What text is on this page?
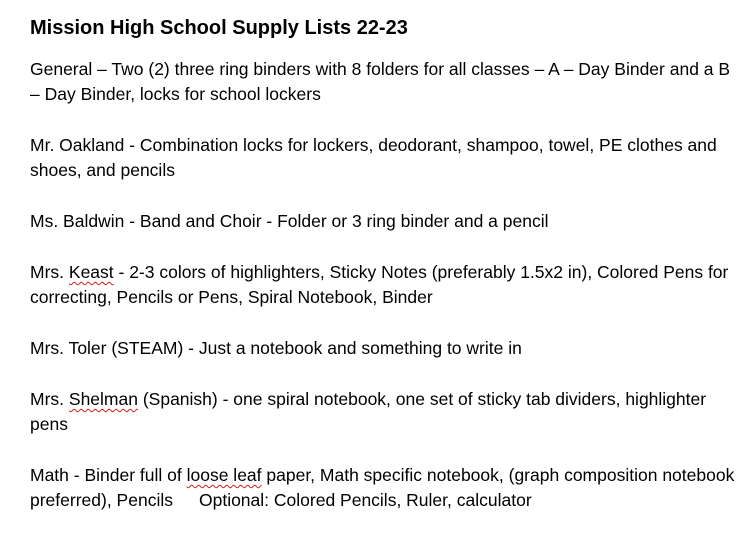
Mission High School Supply Lists 22-23
General – Two (2) three ring binders with 8 folders for all classes – A – Day Binder and a B – Day Binder, locks for school lockers
Mr. Oakland - Combination locks for lockers, deodorant, shampoo, towel, PE clothes and shoes, and pencils
Ms. Baldwin - Band and Choir - Folder or 3 ring binder and a pencil
Mrs. Keast - 2-3 colors of highlighters, Sticky Notes (preferably 1.5x2 in), Colored Pens for correcting, Pencils or Pens, Spiral Notebook, Binder
Mrs. Toler (STEAM) - Just a notebook and something to write in
Mrs. Shelman (Spanish) - one spiral notebook, one set of sticky tab dividers, highlighter pens
Math - Binder full of loose leaf paper, Math specific notebook, (graph composition notebook preferred), Pencils Optional: Colored Pencils, Ruler, calculator
